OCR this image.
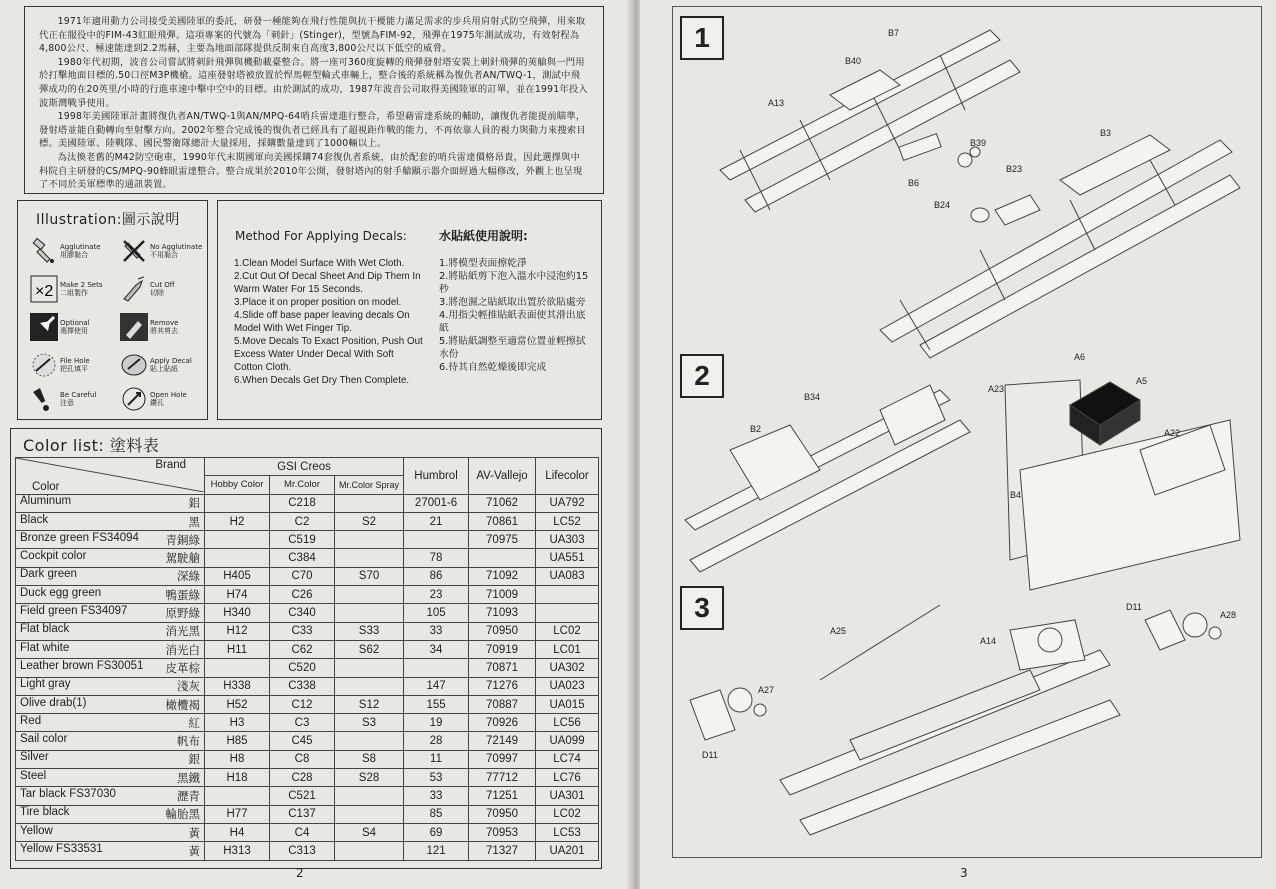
1971年適用動力公司接受美國陸軍的委託，研發一種能夠在飛行性能與抗干擾能力滿足需求的步兵用肩射式防空飛彈，用來取代正在服役中的FIM-43紅眼飛彈。這項專案的代號為「刺針」(Stinger)，型號為FIM-92，飛彈在1975年測試成功，有效射程為4,800公尺、極速能達到2.2馬赫，主要為地面部隊提供反制來自高度3,800公尺以下低空的威脅。

1980年代初期，波音公司嘗試將刺針飛彈與機動載臺整合。將一座可360度旋轉的飛彈發射塔安裝上刺針飛彈的莢艙與一門用於打擊地面目標的.50口徑M3P機槍。這座發射塔被放置於悍馬輕型輪式車輛上，整合後的系統稱為復仇者AN/TWQ-1，測試中飛彈成功的在20英里/小時的行進車速中擊中空中的目標。由於測試的成功，1987年波音公司取得美國陸軍的訂單，並在1991年投入波斯灣戰爭使用。

1998年美國陸軍計畫將復仇者AN/TWQ-1與AN/MPQ-64哨兵雷達進行整合，希望藉雷達系統的輔助，讓復仇者能提前瞄準，發射塔並能自動轉向至射擊方向。2002年整合完成後的復仇者已經具有了超視距作戰的能力，不再依靠人員的視力與動力來搜索目標。美國陸軍、陸戰隊、國民警衛隊總計大量採用，採購數量達到了1000輛以上。

為汰換老舊的M42防空砲車，1990年代末期國軍向美國採購74套復仇者系統，由於配套的哨兵雷達價格昂貴，因此選擇與中科院自主研發的CS/MPQ-90蜂眼雷達整合。整合成果於2010年公開，發射塔內的射手艙顯示器介面經過大幅修改，外觀上也呈現了不同於美軍標準的通訊裝置。

Illustration:圖示說明
Agglutinate
用膠黏合
No Agglutinate
不用黏合
×2 Make 2 Sets
二組製作
Cut Off
切除
Optional
選擇使用
Remove
將其剪去
File Hole
把孔填平
Apply Decal
貼上貼紙
Be Careful
注意
Open Hole
鑽孔
Method For Applying Decals:	水貼紙使用說明:

1.Clean Model Surface With Wet Cloth.

2.Cut Out Of Decal Sheet And Dip Them In Warm Water For 15 Seconds.

3.Place it on proper position on model.

4.Slide off base paper leaving decals On Model With Wet Finger Tip.

5.Move Decals To Exact Position, Push Out Excess Water Under Decal With Soft Cotton Cloth.

6.When Decals Get Dry Then Complete.

1.將模型表面擦乾淨

2.將貼紙剪下泡入溫水中浸泡約15秒

3.將泡濕之貼紙取出置於欲貼處旁

4.用指尖輕推貼紙表面使其滑出底紙

5.將貼紙調整至適當位置並輕擦拭水份

6.待其自然乾燥後即完成

Color list: 塗料表
Brand
Color	GSI Creos			Humbrol	AV-Vallejo	Lifecolor
	Hobby Color	Mr.Color	Mr.Color Spray			
Aluminum 鋁		C218		27001-6	71062	UA792
Black 黑	H2	C2	S2	21	70861	LC52
Bronze green FS34094 青銅綠		C519			70975	UA303
Cockpit color 駕駛艙		C384		78		UA551
Dark green 深綠	H405	C70	S70	86	71092	UA083
Duck egg green 鴨蛋綠	H74	C26		23	71009	
Field green FS34097 原野綠	H340	C340		105	71093	
Flat black 消光黑	H12	C33	S33	33	70950	LC02
Flat white 消光白	H11	C62	S62	34	70919	LC01
Leather brown FS30051 皮革棕		C520			70871	UA302
Light gray 淺灰	H338	C338		147	71276	UA023
Olive drab(1) 橄欖褐	H52	C12	S12	155	70887	UA015
Red 紅	H3	C3	S3	19	70926	LC56
Sail color 帆布	H85	C45		28	72149	UA099
Silver 銀	H8	C8	S8	11	70997	LC74
Steel 黑鐵	H18	C28	S28	53	77712	LC76
Tar black FS37030 瀝青		C521		33	71251	UA301
Tire black 輪胎黑	H77	C137		85	70950	LC02
Yellow 黃	H4	C4	S4	69	70953	LC53
Yellow FS33531 黃	H313	C313		121	71327	UA201
2
1
2
3
B7
B40
A13
B39
B6
B3
B23
B24
B34
B2
A6
A5
A23
A22
B4
A25
A14
D11
A28
A27
D11
3
